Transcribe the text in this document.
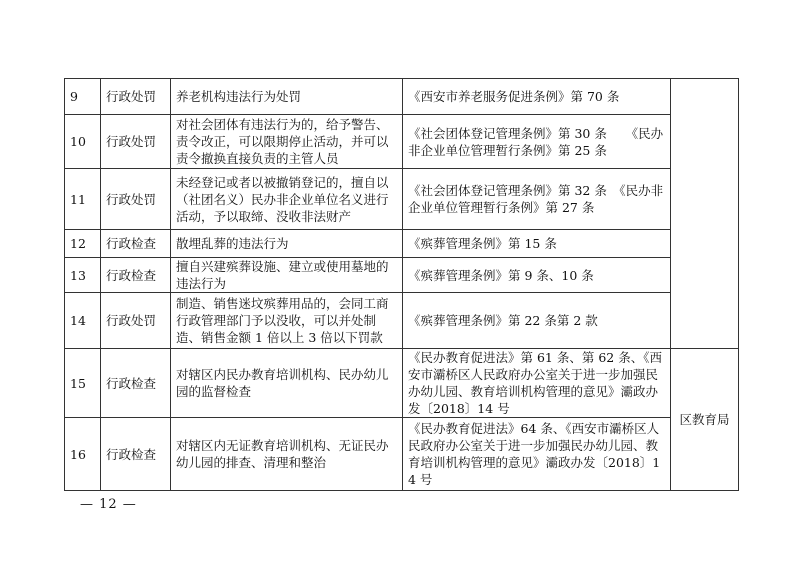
9	行政处罚	养老机构违法行为处罚	《西安市养老服务促进条例》第 70 条	
10	行政处罚	对社会团体有违法行为的，给予警告、责令改正，可以限期停止活动，并可以责令撤换直接负责的主管人员	《社会团体登记管理条例》第 30 条　　《民办非企业单位管理暂行条例》第 25 条	
11	行政处罚	未经登记或者以被撤销登记的，擅自以（社团名义）民办非企业单位名义进行活动，予以取缔、没收非法财产	《社会团体登记管理条例》第 32 条　《民办非企业单位管理暂行条例》第 27 条	
12	行政检查	散埋乱葬的违法行为	《殡葬管理条例》第 15 条	
13	行政检查	擅自兴建殡葬设施、建立或使用墓地的违法行为	《殡葬管理条例》第 9 条、10 条	
14	行政处罚	制造、销售迷坟殡葬用品的，会同工商行政管理部门予以没收，可以并处制造、销售金额 1 倍以上 3 倍以下罚款	《殡葬管理条例》第 22 条第 2 款	
15	行政检查	对辖区内民办教育培训机构、民办幼儿园的监督检查	《民办教育促进法》第 61 条、第 62 条、《西安市灞桥区人民政府办公室关于进一步加强民办幼儿园、教育培训机构管理的意见》灞政办发〔2018〕14 号	区教育局
16	行政检查	对辖区内无证教育培训机构、无证民办幼儿园的排查、清理和整治	《民办教育促进法》64 条、《西安市灞桥区人民政府办公室关于进一步加强民办幼儿园、教育培训机构管理的意见》灞政办发〔2018〕14 号	
— 12 —
